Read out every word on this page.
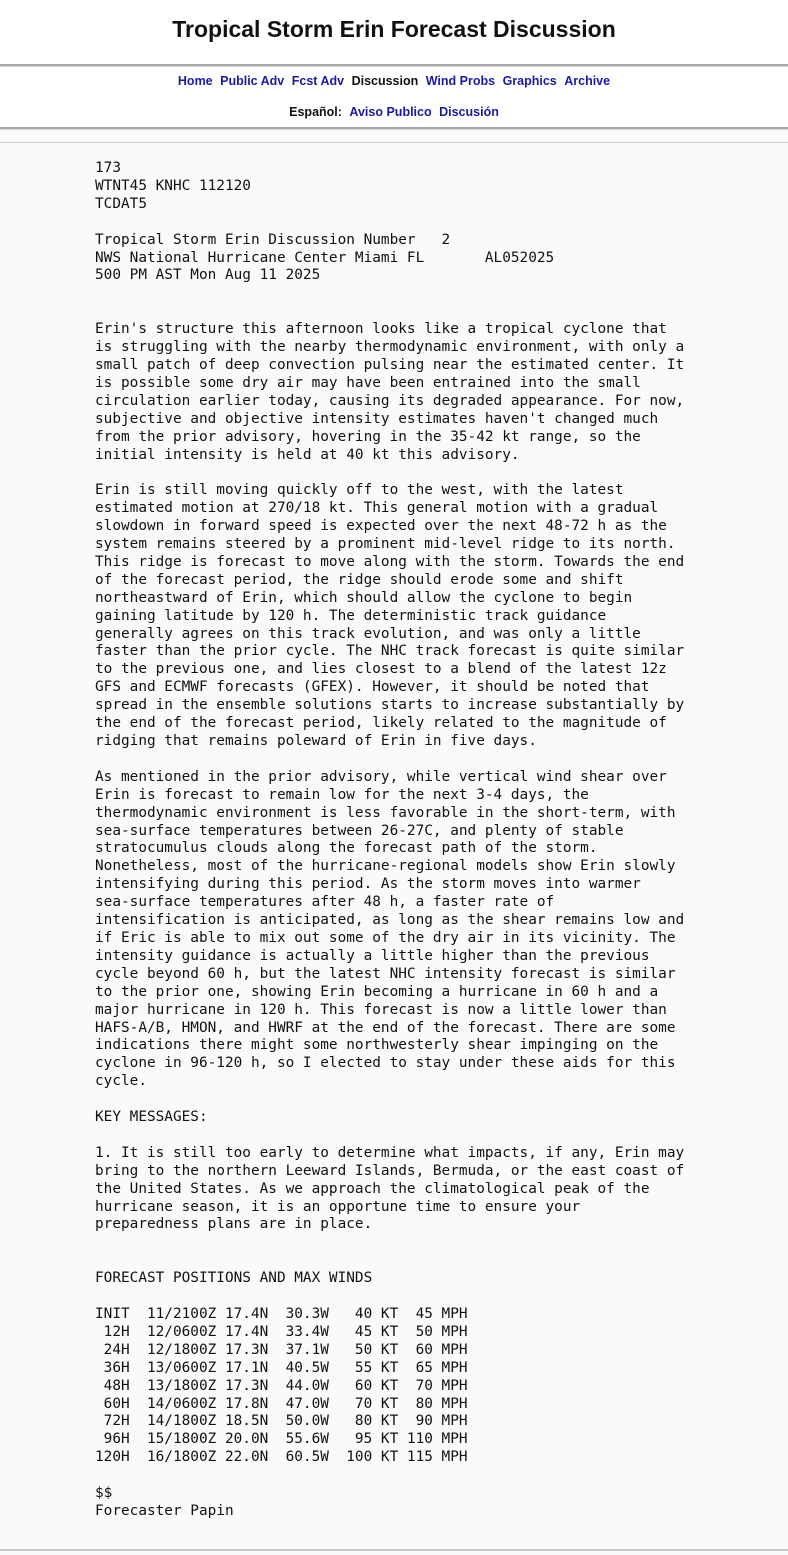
Tropical Storm Erin Forecast Discussion
Home Public Adv Fcst Adv Discussion Wind Probs Graphics Archive
Español: Aviso Publico Discusión
173
WTNT45 KNHC 112120
TCDAT5

Tropical Storm Erin Discussion Number   2
NWS National Hurricane Center Miami FL       AL052025
500 PM AST Mon Aug 11 2025

Erin's structure this afternoon looks like a tropical cyclone that
is struggling with the nearby thermodynamic environment, with only a
small patch of deep convection pulsing near the estimated center. It
is possible some dry air may have been entrained into the small
circulation earlier today, causing its degraded appearance. For now,
subjective and objective intensity estimates haven't changed much
from the prior advisory, hovering in the 35-42 kt range, so the
initial intensity is held at 40 kt this advisory.

Erin is still moving quickly off to the west, with the latest
estimated motion at 270/18 kt. This general motion with a gradual
slowdown in forward speed is expected over the next 48-72 h as the
system remains steered by a prominent mid-level ridge to its north.
This ridge is forecast to move along with the storm. Towards the end
of the forecast period, the ridge should erode some and shift
northeastward of Erin, which should allow the cyclone to begin
gaining latitude by 120 h. The deterministic track guidance
generally agrees on this track evolution, and was only a little
faster than the prior cycle. The NHC track forecast is quite similar
to the previous one, and lies closest to a blend of the latest 12z
GFS and ECMWF forecasts (GFEX). However, it should be noted that
spread in the ensemble solutions starts to increase substantially by
the end of the forecast period, likely related to the magnitude of
ridging that remains poleward of Erin in five days.

As mentioned in the prior advisory, while vertical wind shear over
Erin is forecast to remain low for the next 3-4 days, the
thermodynamic environment is less favorable in the short-term, with
sea-surface temperatures between 26-27C, and plenty of stable
stratocumulus clouds along the forecast path of the storm.
Nonetheless, most of the hurricane-regional models show Erin slowly
intensifying during this period. As the storm moves into warmer
sea-surface temperatures after 48 h, a faster rate of
intensification is anticipated, as long as the shear remains low and
if Eric is able to mix out some of the dry air in its vicinity. The
intensity guidance is actually a little higher than the previous
cycle beyond 60 h, but the latest NHC intensity forecast is similar
to the prior one, showing Erin becoming a hurricane in 60 h and a
major hurricane in 120 h. This forecast is now a little lower than
HAFS-A/B, HMON, and HWRF at the end of the forecast. There are some
indications there might some northwesterly shear impinging on the
cyclone in 96-120 h, so I elected to stay under these aids for this
cycle.

KEY MESSAGES:

1. It is still too early to determine what impacts, if any, Erin may
bring to the northern Leeward Islands, Bermuda, or the east coast of
the United States. As we approach the climatological peak of the
hurricane season, it is an opportune time to ensure your
preparedness plans are in place.

FORECAST POSITIONS AND MAX WINDS

INIT  11/2100Z 17.4N  30.3W   40 KT  45 MPH
12H  12/0600Z 17.4N  33.4W   45 KT  50 MPH
24H  12/1800Z 17.3N  37.1W   50 KT  60 MPH
36H  13/0600Z 17.1N  40.5W   55 KT  65 MPH
48H  13/1800Z 17.3N  44.0W   60 KT  70 MPH
60H  14/0600Z 17.8N  47.0W   70 KT  80 MPH
72H  14/1800Z 18.5N  50.0W   80 KT  90 MPH
96H  15/1800Z 20.0N  55.6W   95 KT 110 MPH
120H  16/1800Z 22.0N  60.5W  100 KT 115 MPH

$$
Forecaster Papin
